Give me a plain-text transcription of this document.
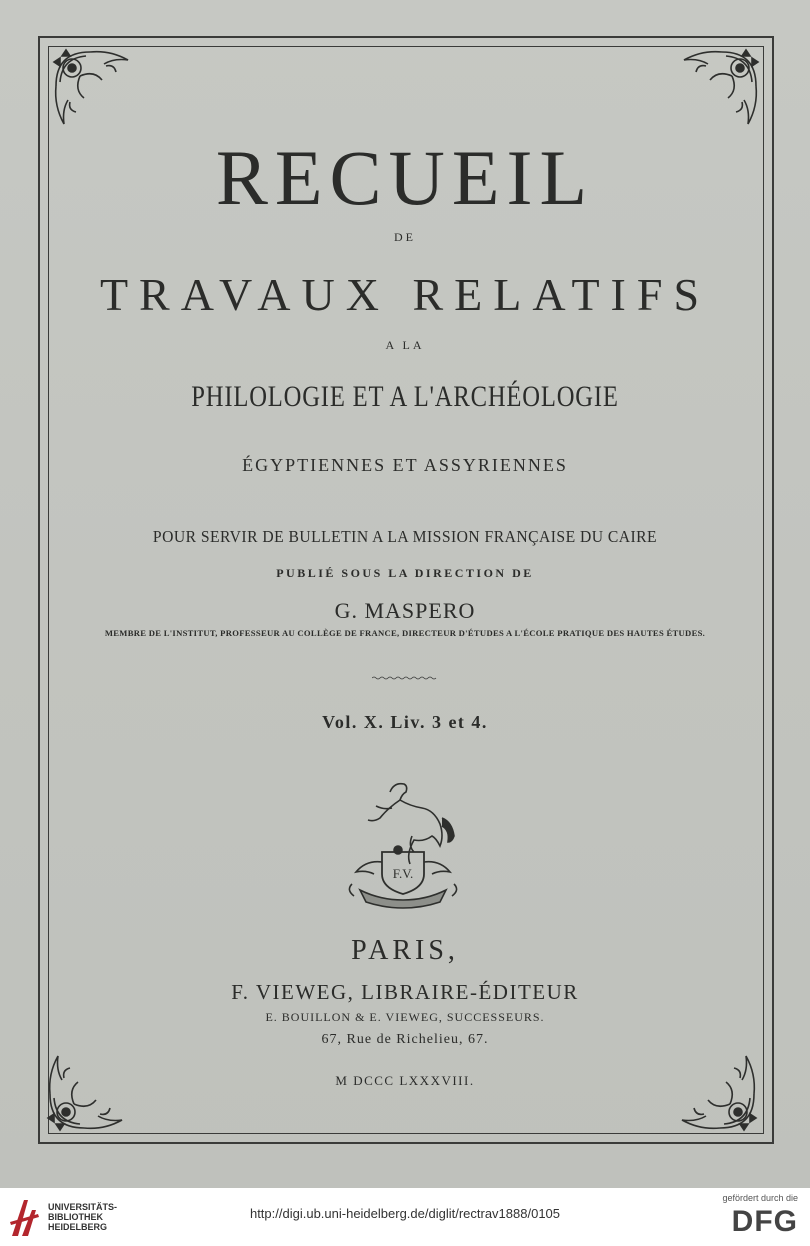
RECUEIL
DE
TRAVAUX RELATIFS
A LA
PHILOLOGIE ET A L'ARCHÉOLOGIE
ÉGYPTIENNES ET ASSYRIENNES
POUR SERVIR DE BULLETIN A LA MISSION FRANÇAISE DU CAIRE
PUBLIÉ SOUS LA DIRECTION DE
G. MASPERO
MEMBRE DE L'INSTITUT, PROFESSEUR AU COLLÈGE DE FRANCE, DIRECTEUR D'ÉTUDES A L'ÉCOLE PRATIQUE DES HAUTES ÉTUDES.
Vol. X. Liv. 3 et 4.
F.V.
PARIS,
F. VIEWEG, LIBRAIRE-ÉDITEUR
E. BOUILLON & E. VIEWEG, SUCCESSEURS.
67, Rue de Richelieu, 67.
M DCCC LXXXVIII.
UNIVERSITÄTS-
BIBLIOTHEK
HEIDELBERG
http://digi.ub.uni-heidelberg.de/diglit/rectrav1888/0105
gefördert durch die
DFG
